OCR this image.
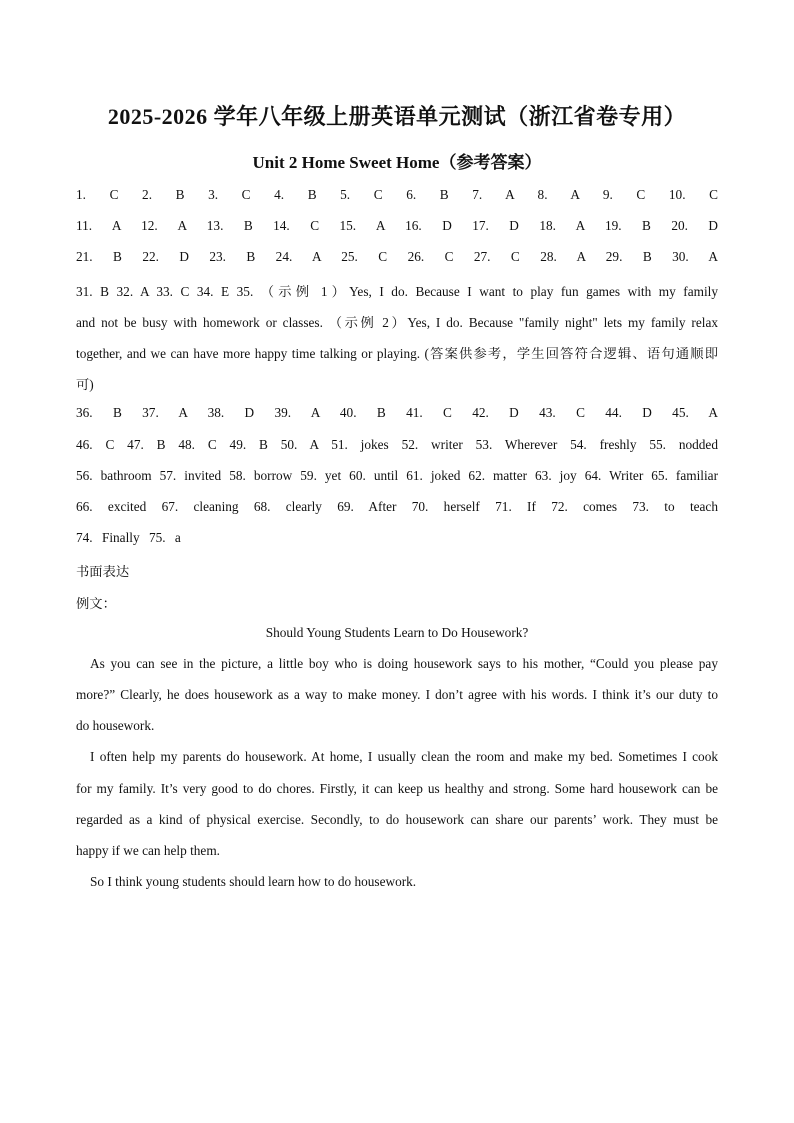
2025-2026 学年八年级上册英语单元测试（浙江省卷专用）
Unit 2 Home Sweet Home（参考答案）
1. C 2. B 3. C 4. B 5. C 6. B 7. A 8. A 9. C 10. C
11. A 12. A 13. B 14. C 15. A 16. D 17. D 18. A 19. B 20. D
21. B 22. D 23. B 24. A 25. C 26. C 27. C 28. A 29. B 30. A
31. B 32. A 33. C 34. E 35. （示例 1）Yes, I do. Because I want to play fun games with my family
and not be busy with homework or classes. （示例 2）Yes, I do. Because "family night" lets my family relax
together, and we can have more happy time talking or playing. (答案供参考，学生回答符合逻辑、语句通顺即
可)
36. B 37. A 38. D 39. A 40. B 41. C 42. D 43. C 44. D 45. A
46. C 47. B 48. C 49. B 50. A 51. jokes 52. writer 53. Wherever 54. freshly 55. nodded
56. bathroom 57. invited 58. borrow 59. yet 60. until 61. joked 62. matter 63. joy 64. Writer 65. familiar
66. excited 67. cleaning 68. clearly 69. After 70. herself 71. If 72. comes 73. to teach
74. Finally 75. a
书面表达
例文：
Should Young Students Learn to Do Housework?
As you can see in the picture, a little boy who is doing housework says to his mother, “Could you please pay
more?” Clearly, he does housework as a way to make money. I don’t agree with his words. I think it’s our duty to
do housework.
I often help my parents do housework. At home, I usually clean the room and make my bed. Sometimes I cook
for my family. It’s very good to do chores. Firstly, it can keep us healthy and strong. Some hard housework can be
regarded as a kind of physical exercise. Secondly, to do housework can share our parents’ work. They must be
happy if we can help them.
So I think young students should learn how to do housework.
